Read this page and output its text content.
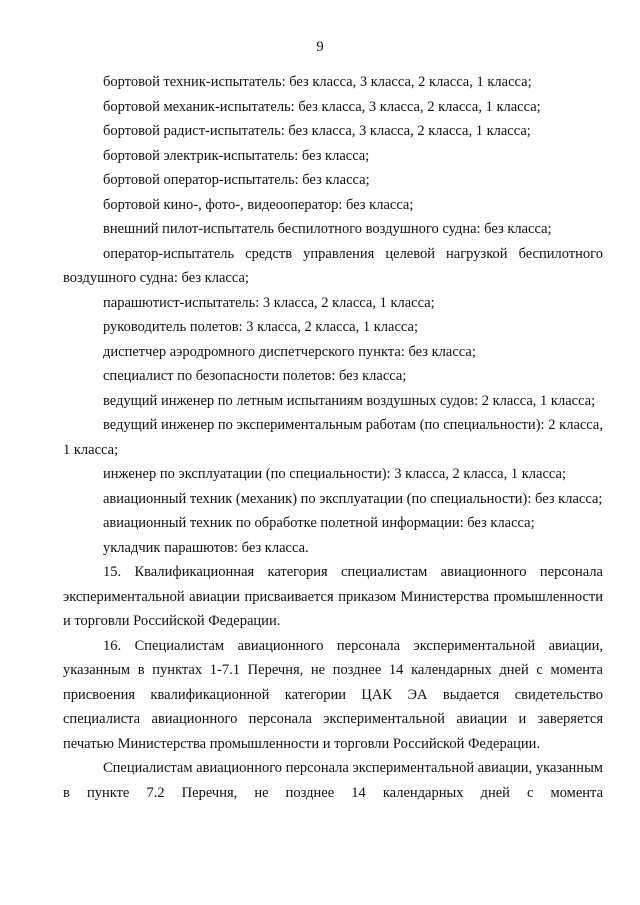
9

бортовой техник-испытатель: без класса, 3 класса, 2 класса, 1 класса;

бортовой механик-испытатель: без класса, 3 класса, 2 класса, 1 класса;

бортовой радист-испытатель: без класса, 3 класса, 2 класса, 1 класса;

бортовой электрик-испытатель: без класса;

бортовой оператор-испытатель: без класса;

бортовой кино-, фото-, видеооператор: без класса;

внешний пилот-испытатель беспилотного воздушного судна: без класса;

оператор-испытатель средств управления целевой нагрузкой беспилотного воздушного судна: без класса;

парашютист-испытатель: 3 класса, 2 класса, 1 класса;

руководитель полетов: 3 класса, 2 класса, 1 класса;

диспетчер аэродромного диспетчерского пункта: без класса;

специалист по безопасности полетов: без класса;

ведущий инженер по летным испытаниям воздушных судов: 2 класса, 1 класса;

ведущий инженер по экспериментальным работам (по специальности): 2 класса, 1 класса;

инженер по эксплуатации (по специальности): 3 класса, 2 класса, 1 класса;

авиационный техник (механик) по эксплуатации (по специальности): без класса;

авиационный техник по обработке полетной информации: без класса;

укладчик парашютов: без класса.

15. Квалификационная категория специалистам авиационного персонала экспериментальной авиации присваивается приказом Министерства промышленности и торговли Российской Федерации.

16. Специалистам авиационного персонала экспериментальной авиации, указанным в пунктах 1-7.1 Перечня, не позднее 14 календарных дней с момента присвоения квалификационной категории ЦАК ЭА выдается свидетельство специалиста авиационного персонала экспериментальной авиации и заверяется печатью Министерства промышленности и торговли Российской Федерации.

Специалистам авиационного персонала экспериментальной авиации, указанным в пункте 7.2 Перечня, не позднее 14 календарных дней с момента
